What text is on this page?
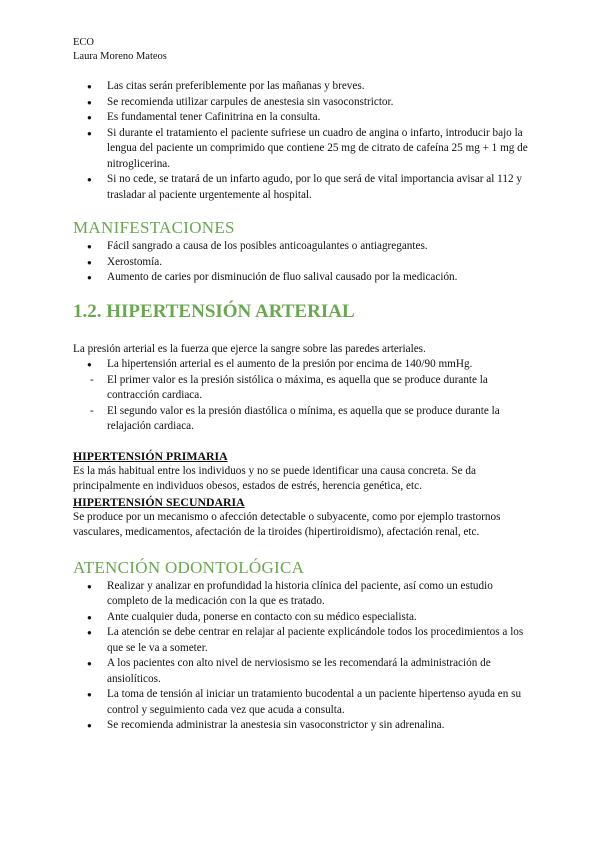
ECO
Laura Moreno Mateos
● Las citas serán preferiblemente por las mañanas y breves.
● Se recomienda utilizar carpules de anestesia sin vasoconstrictor.
● Es fundamental tener Cafinitrina en la consulta.
● Si durante el tratamiento el paciente sufriese un cuadro de angina o infarto, introducir bajo la lengua del paciente un comprimido que contiene 25 mg de citrato de cafeína 25 mg + 1 mg de nitroglicerina.
● Si no cede, se tratará de un infarto agudo, por lo que será de vital importancia avisar al 112 y trasladar al paciente urgentemente al hospital.
MANIFESTACIONES
● Fácil sangrado a causa de los posibles anticoagulantes o antiagregantes.
● Xerostomía.
● Aumento de caries por disminución de fluo salival causado por la medicación.
1.2. HIPERTENSIÓN ARTERIAL

La presión arterial es la fuerza que ejerce la sangre sobre las paredes arteriales.

● La hipertensión arterial es el aumento de la presión por encima de 140/90 mmHg.
- El primer valor es la presión sistólica o máxima, es aquella que se produce durante la contracción cardiaca.
- El segundo valor es la presión diastólica o mínima, es aquella que se produce durante la relajación cardiaca.
HIPERTENSIÓN PRIMARIA

Es la más habitual entre los individuos y no se puede identificar una causa concreta. Se da principalmente en individuos obesos, estados de estrés, herencia genética, etc.

HIPERTENSIÓN SECUNDARIA

Se produce por un mecanismo o afección detectable o subyacente, como por ejemplo trastornos vasculares, medicamentos, afectación de la tiroides (hipertiroidismo), afectación renal, etc.

ATENCIÓN ODONTOLÓGICA
● Realizar y analizar en profundidad la historia clínica del paciente, así como un estudio completo de la medicación con la que es tratado.
● Ante cualquier duda, ponerse en contacto con su médico especialista.
● La atención se debe centrar en relajar al paciente explicándole todos los procedimientos a los que se le va a someter.
● A los pacientes con alto nivel de nerviosismo se les recomendará la administración de ansiolíticos.
● La toma de tensión al iniciar un tratamiento bucodental a un paciente hipertenso ayuda en su control y seguimiento cada vez que acuda a consulta.
● Se recomienda administrar la anestesia sin vasoconstrictor y sin adrenalina.
